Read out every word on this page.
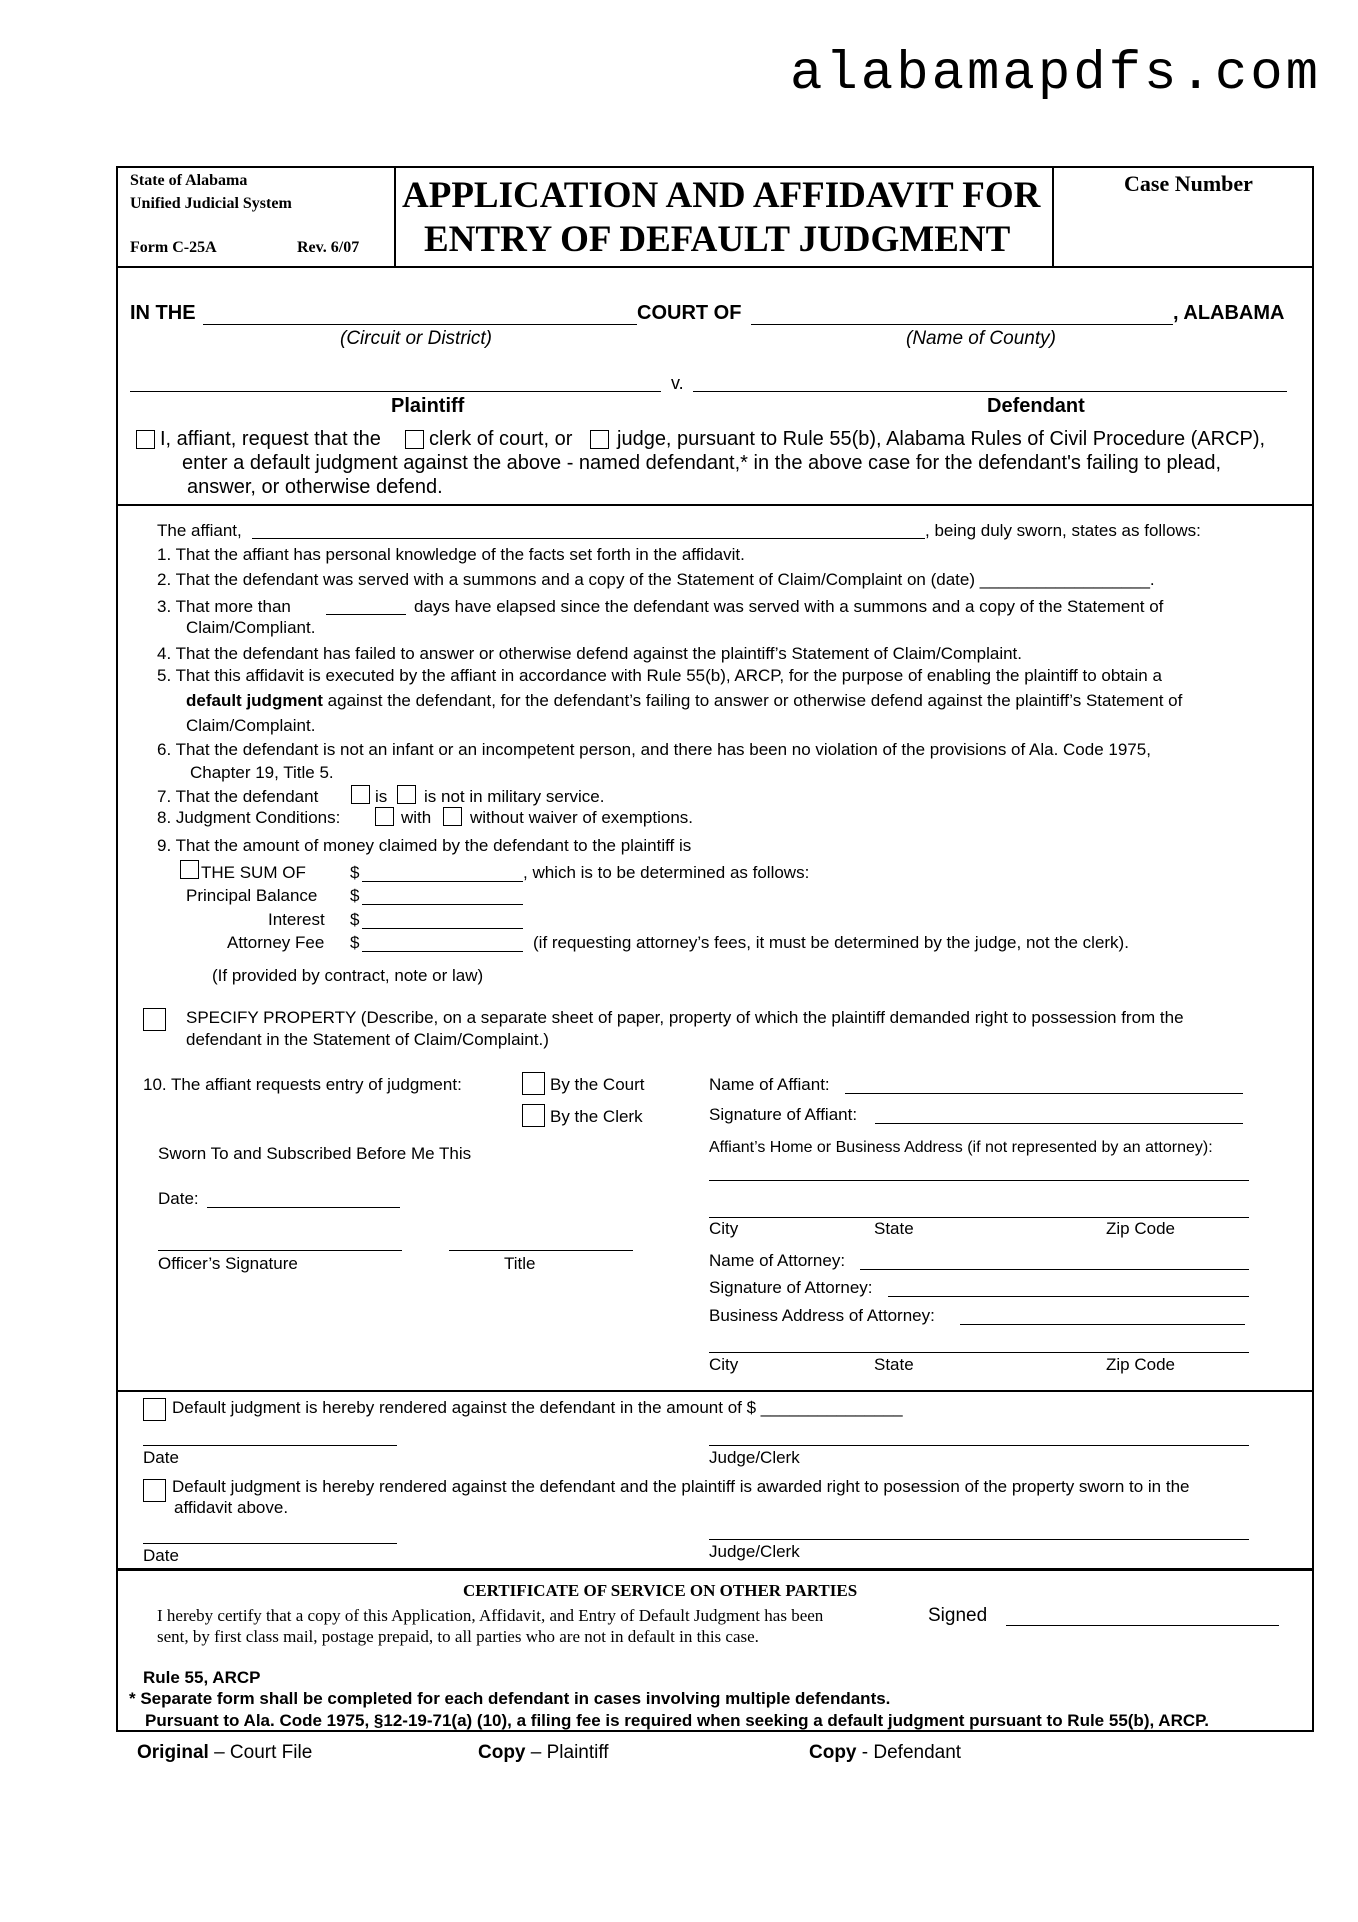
alabamapdfs.com
State of Alabama
Unified Judicial System
Form C-25A	Rev. 6/07
APPLICATION AND AFFIDAVIT FOR
ENTRY OF DEFAULT JUDGMENT
Case Number
IN THE	COURT OF	, ALABAMA
(Circuit or District)	(Name of County)
v.
Plaintiff	Defendant
I, affiant, request that the clerk of court, or judge, pursuant to Rule 55(b), Alabama Rules of Civil Procedure (ARCP),
enter a default judgment against the above - named defendant,* in the above case for the defendant's failing to plead,
answer, or otherwise defend.
The affiant,	, being duly sworn, states as follows:
1. That the affiant has personal knowledge of the facts set forth in the affidavit.
2. That the defendant was served with a summons and a copy of the Statement of Claim/Complaint on (date) __________________.
3. That more than	days have elapsed since the defendant was served with a summons and a copy of the Statement of
Claim/Compliant.
4. That the defendant has failed to answer or otherwise defend against the plaintiff’s Statement of Claim/Complaint.
5. That this affidavit is executed by the affiant in accordance with Rule 55(b), ARCP, for the purpose of enabling the plaintiff to obtain a
default judgment against the defendant, for the defendant’s failing to answer or otherwise defend against the plaintiff’s Statement of
Claim/Complaint.
6. That the defendant is not an infant or an incompetent person, and there has been no violation of the provisions of Ala. Code 1975,
Chapter 19, Title 5.
7. That the defendant	is is not in military service.
8. Judgment Conditions:	with without waiver of exemptions.
9. That the amount of money claimed by the defendant to the plaintiff is
THE SUM OF	$	, which is to be determined as follows:
Principal Balance $
Interest $
Attorney Fee $	(if requesting attorney’s fees, it must be determined by the judge, not the clerk).
(If provided by contract, note or law)
SPECIFY PROPERTY (Describe, on a separate sheet of paper, property of which the plaintiff demanded right to possession from the
defendant in the Statement of Claim/Complaint.)
10. The affiant requests entry of judgment:	By the Court
By the Clerk
Sworn To and Subscribed Before Me This
Date:
Officer’s Signature	Title
Name of Affiant:
Signature of Affiant:
Affiant’s Home or Business Address (if not represented by an attorney):
City	State	Zip Code
Name of Attorney:
Signature of Attorney:
Business Address of Attorney:
City	State	Zip Code
Default judgment is hereby rendered against the defendant in the amount of $ _______________
Date	Judge/Clerk
Default judgment is hereby rendered against the defendant and the plaintiff is awarded right to posession of the property sworn to in the
affidavit above.
Date	Judge/Clerk
CERTIFICATE OF SERVICE ON OTHER PARTIES
I hereby certify that a copy of this Application, Affidavit, and Entry of Default Judgment has been
sent, by first class mail, postage prepaid, to all parties who are not in default in this case.
Signed
Rule 55, ARCP
* Separate form shall be completed for each defendant in cases involving multiple defendants.
Pursuant to Ala. Code 1975, §12-19-71(a) (10), a filing fee is required when seeking a default judgment pursuant to Rule 55(b), ARCP.
Original – Court File	Copy – Plaintiff	Copy - Defendant
